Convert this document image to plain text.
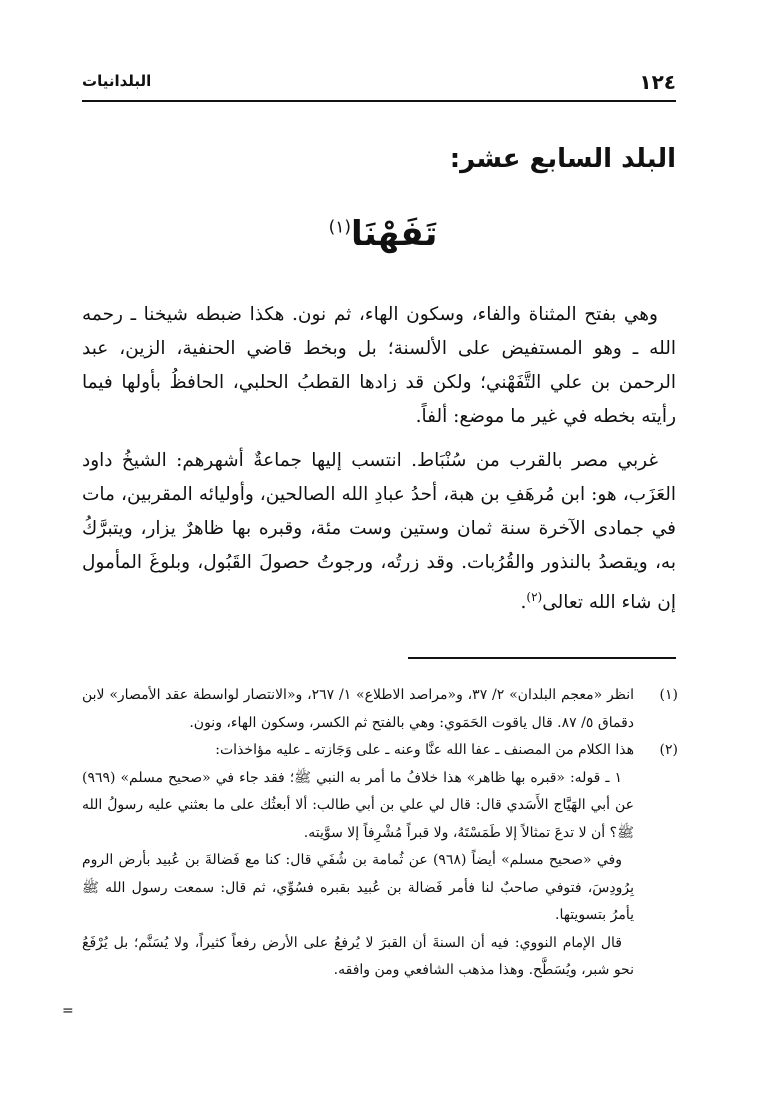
١٢٤
البلدانيات
البلد السابع عشر:
تَفَهْنَا$^{(١)}$

وهي بفتح المثناة والفاء، وسكون الهاء، ثم نون. هكذا ضبطه شيخنا ـ رحمه الله ـ وهو المستفيض على الألسنة؛ بل وبخط قاضي الحنفية، الزين، عبد الرحمن بن علي التَّفَهْني؛ ولكن قد زادها القطبُ الحلبي، الحافظُ بأولها فيما رأيته بخطه في غير ما موضع: ألفاً.

غربي مصر بالقرب من سُنْبَاط. انتسب إليها جماعةٌ أشهرهم: الشيخُ داود العَزَب، هو: ابن مُرهَفِ بن هبة، أحدُ عبادِ الله الصالحين، وأوليائه المقربين، مات في جمادى الآخرة سنة ثمان وستين وست مئة، وقبره بها ظاهرٌ يزار، ويتبرَّكُ به، ويقصدُ بالنذور والقُرُبات. وقد زرتُه، ورجوتُ حصولَ القَبُول، وبلوغَ المأمول إن شاء الله تعالى$^{(٢)}$.

(١)

انظر «معجم البلدان» ٢/ ٣٧، و«مراصد الاطلاع» ١/ ٢٦٧، و«الانتصار لواسطة عقد الأمصار» لابن دقماق ٥/ ٨٧. قال ياقوت الحَمَوي: وهي بالفتح ثم الكسر، وسكون الهاء، ونون.

(٢)

هذا الكلام من المصنف ـ عفا الله عنَّا وعنه ـ على وَجَازته ـ عليه مؤاخذات:

١ ـ قوله: «قبره بها ظاهر» هذا خلافُ ما أمر به النبي ﷺ؛ فقد جاء في «صحيح مسلم» (٩٦٩) عن أبي الهَيَّاج الأَسَدي قال: قال لي علي بن أبي طالب: ألا أبعثُك على ما بعثني عليه رسولُ الله ﷺ؟ أن لا تدعَ تمثالاً إلا طَمَسْتَهُ، ولا قبراً مُشْرِفاً إلا سوَّيته.

وفي «صحيح مسلم» أيضاً (٩٦٨) عن ثُمامة بن شُفَي قال: كنا مع فَضالةَ بن عُبيد بأرض الروم بِرُودِسَ، فتوفي صاحبٌ لنا فأمر فَضالة بن عُبيد بقبره فسُوِّي، ثم قال: سمعت رسول الله ﷺ يأمرُ بتسويتها.

قال الإمام النووي: فيه أن السنةَ أن القبرَ لا يُرفعُ على الأرض رفعاً كثيراً، ولا يُسَنَّم؛ بل يُرْفَعُ نحو شبر، ويُسَطَّح. وهذا مذهب الشافعي ومن وافقه.

=
